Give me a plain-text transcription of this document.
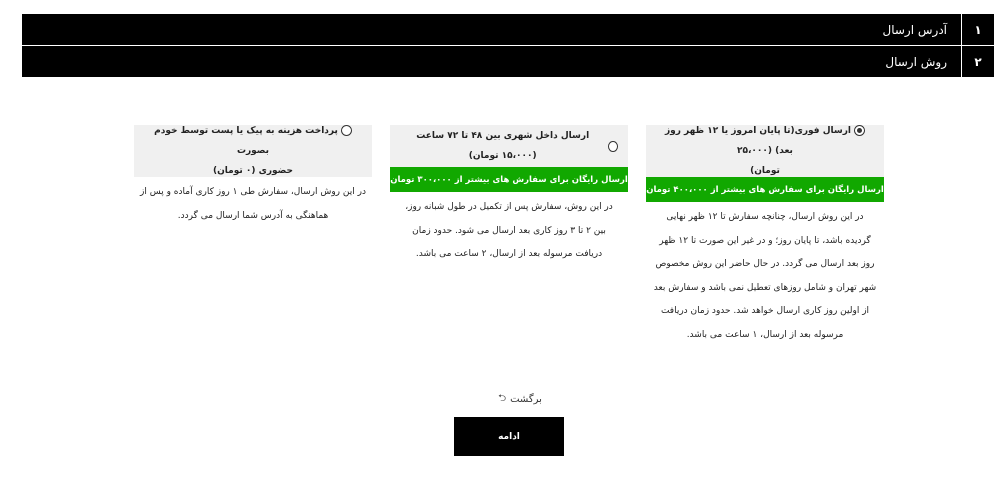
۱
آدرس ارسال
۲
روش ارسال
ارسال فوری(تا پایان امروز یا ۱۲ ظهر روز بعد) (۲۵،۰۰۰
تومان)
ارسال رایگان برای سفارش های بیشتر از ۴۰۰،۰۰۰ تومان
در این روش ارسال، چنانچه سفارش تا ۱۲ ظهر نهایی
گردیده باشد، تا پایان روز؛ و در غیر این صورت تا ۱۲ ظهر
روز بعد ارسال می گردد. در حال حاضر این روش مخصوص
شهر تهران و شامل روزهای تعطیل نمی باشد و سفارش بعد
از اولین روز کاری ارسال خواهد شد. حدود زمان دریافت
مرسوله بعد از ارسال، ۱ ساعت می باشد.
ارسال داخل شهری بین ۴۸ تا ۷۲ ساعت (۱۵،۰۰۰ تومان)
ارسال رایگان برای سفارش های بیشتر از ۳۰۰،۰۰۰ تومان
در این روش، سفارش پس از تکمیل در طول شبانه روز،
بین ۲ تا ۳ روز کاری بعد ارسال می شود. حدود زمان
دریافت مرسوله بعد از ارسال، ۲ ساعت می باشد.
پرداخت هزینه به پیک یا پست توسط خودم بصورت
حضوری (۰ تومان)
در این روش ارسال، سفارش طی ۱ روز کاری آماده و پس از
هماهنگی به آدرس شما ارسال می گردد.
برگشت
⮌
ادامه
